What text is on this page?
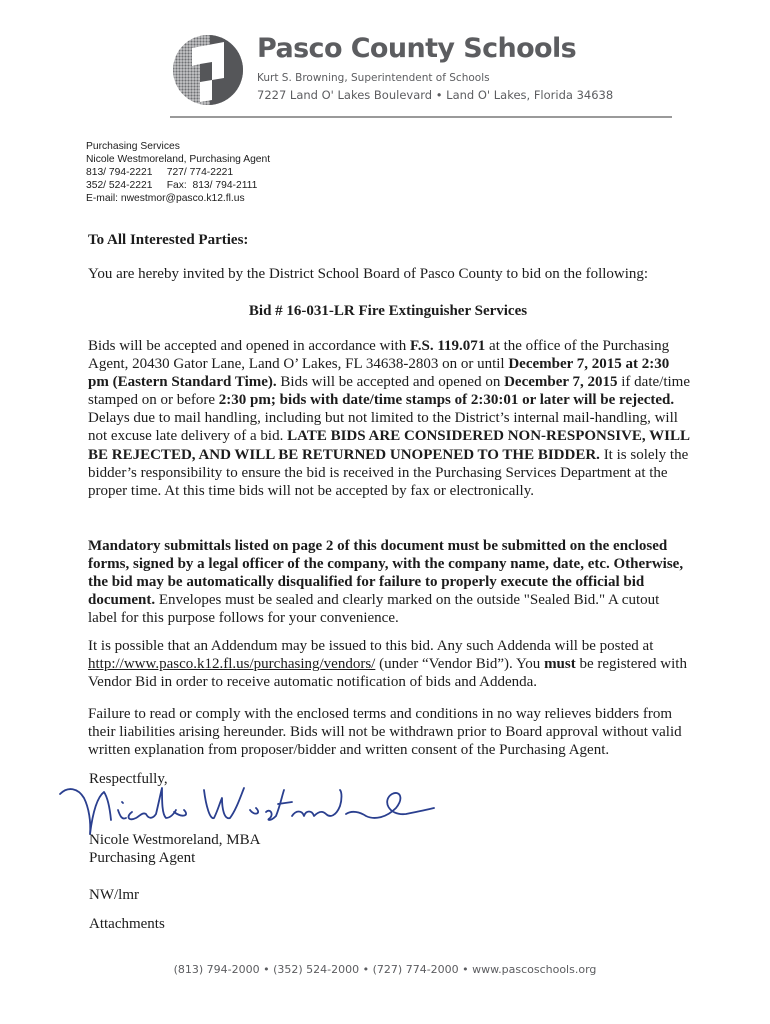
Pasco County Schools
Kurt S. Browning, Superintendent of Schools
7227 Land O' Lakes Boulevard • Land O' Lakes, Florida 34638
Purchasing Services
Nicole Westmoreland, Purchasing Agent
813/ 794-2221     727/ 774-2221
352/ 524-2221     Fax:  813/ 794-2111
E-mail: nwestmor@pasco.k12.fl.us
To All Interested Parties:
You are hereby invited by the District School Board of Pasco County to bid on the following:
Bid # 16-031-LR Fire Extinguisher Services
Bids will be accepted and opened in accordance with F.S. 119.071 at the office of the Purchasing Agent, 20430 Gator Lane, Land O’ Lakes, FL 34638-2803 on or until December 7, 2015 at 2:30 pm (Eastern Standard Time). Bids will be accepted and opened on December 7, 2015 if date/time stamped on or before 2:30 pm; bids with date/time stamps of 2:30:01 or later will be rejected. Delays due to mail handling, including but not limited to the District’s internal mail-handling, will not excuse late delivery of a bid. LATE BIDS ARE CONSIDERED NON-RESPONSIVE, WILL BE REJECTED, AND WILL BE RETURNED UNOPENED TO THE BIDDER. It is solely the bidder’s responsibility to ensure the bid is received in the Purchasing Services Department at the proper time. At this time bids will not be accepted by fax or electronically.
Mandatory submittals listed on page 2 of this document must be submitted on the enclosed forms, signed by a legal officer of the company, with the company name, date, etc. Otherwise, the bid may be automatically disqualified for failure to properly execute the official bid document. Envelopes must be sealed and clearly marked on the outside "Sealed Bid." A cutout label for this purpose follows for your convenience.
It is possible that an Addendum may be issued to this bid. Any such Addenda will be posted at http://www.pasco.k12.fl.us/purchasing/vendors/ (under “Vendor Bid”). You must be registered with Vendor Bid in order to receive automatic notification of bids and Addenda.
Failure to read or comply with the enclosed terms and conditions in no way relieves bidders from their liabilities arising hereunder. Bids will not be withdrawn prior to Board approval without valid written explanation from proposer/bidder and written consent of the Purchasing Agent.
Respectfully,
Nicole Westmoreland, MBA
Purchasing Agent
NW/lmr
Attachments
(813) 794-2000 • (352) 524-2000 • (727) 774-2000 • www.pascoschools.org
